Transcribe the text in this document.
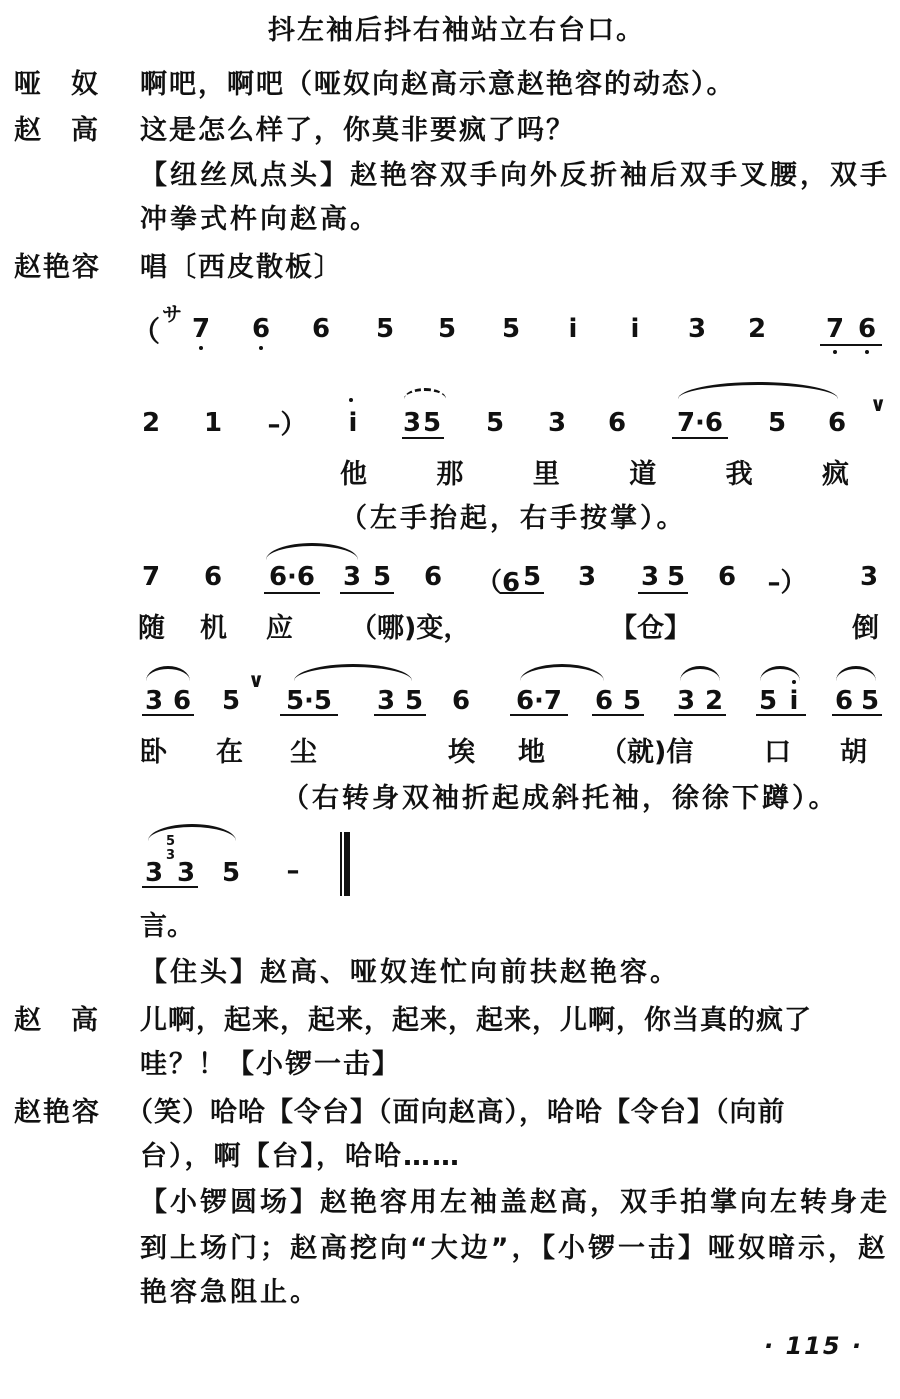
抖左袖后抖右袖站立右台口。
哑奴 啊吧，啊吧（哑奴向赵高示意赵艳容的动态）。
赵高 这是怎么样了，你莫非要疯了吗？
【纽丝凤点头】赵艳容双手向外反折袖后双手叉腰，双手
冲拳式杵向赵高。
赵艳容 唱〔西皮散板〕
（
サ 7	6	6	5	5	5	i	i	3	2	7 6
2	1	–）	i	3 5	5	3	6	7·6	5	6
∨
他 那 里 道 我 疯
（左手抬起，右手按掌）。
7	6	6·6 3 5	6	（6 5	3	3 5	6	–）	3
随 机 应 （哪)变，	【仓】	倒
3 6	5
∨
5·5 3 5	6	6·7 6 5 3 2 5 i 6 5
卧 在 尘	埃 地 （就)信	口 胡
（右转身双袖折起成斜托袖，徐徐下蹲）。
3
5
3
3	5	–
言。
【住头】赵高、哑奴连忙向前扶赵艳容。
赵高 儿啊，起来，起来，起来，起来，儿啊，你当真的疯了
哇？！【小锣一击】
赵艳容 （笑）哈哈【令台】（面向赵高），哈哈【令台】（向前
台），啊【台】，哈哈……
【小锣圆场】赵艳容用左袖盖赵高，双手拍掌向左转身走
到上场门；赵高挖向“大边”，【小锣一击】哑奴暗示，赵
艳容急阻止。
· 115 ·
